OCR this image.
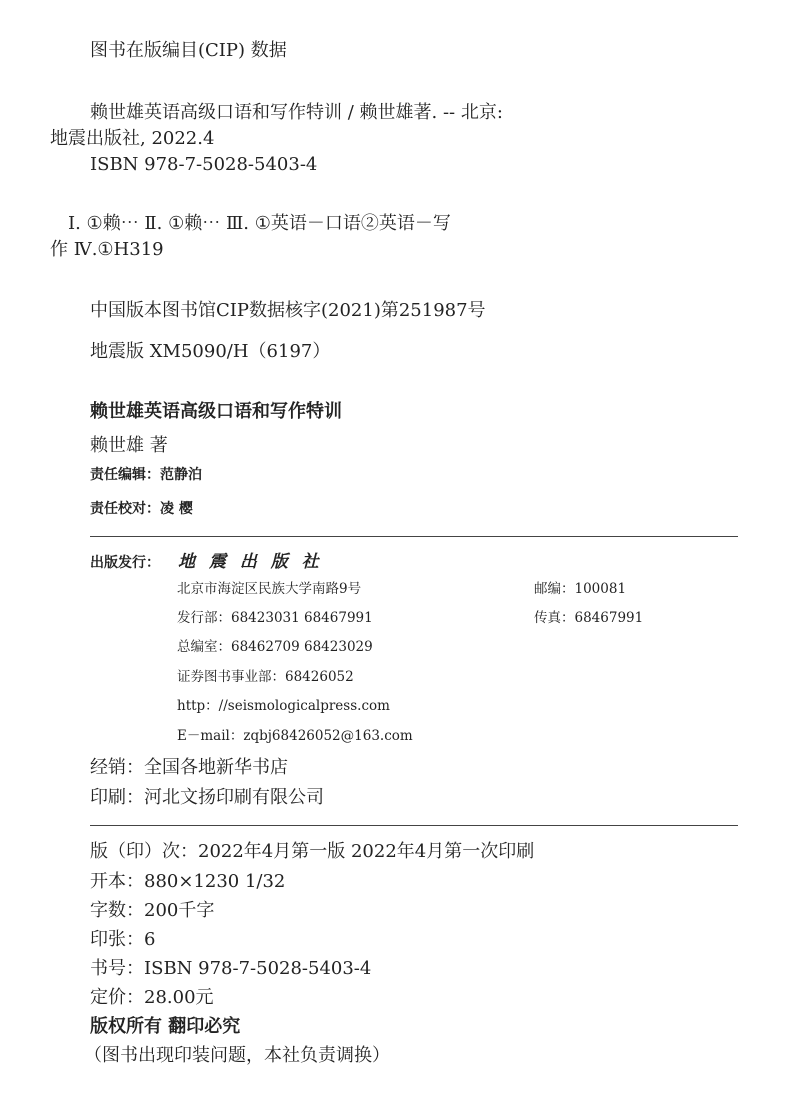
图书在版编目(CIP) 数据
赖世雄英语高级口语和写作特训 / 赖世雄著. -- 北京:
地震出版社, 2022.4
ISBN 978-7-5028-5403-4
Ⅰ. ①赖⋯ Ⅱ. ①赖⋯ Ⅲ. ①英语－口语②英语－写
作 Ⅳ.①H319
中国版本图书馆CIP数据核字(2021)第251987号
地震版 XM5090/H（6197）
赖世雄英语高级口语和写作特训
赖世雄 著
责任编辑：范静泊
责任校对：凌 樱
出版发行： 地 震 出 版 社
北京市海淀区民族大学南路9号	邮编：100081
发行部：68423031 68467991	传真：68467991
总编室：68462709 68423029
证券图书事业部：68426052
http：//seismologicalpress.com
E－mail：zqbj68426052@163.com
经销：全国各地新华书店
印刷：河北文扬印刷有限公司
版（印）次：2022年4月第一版 2022年4月第一次印刷
开本：880×1230 1/32
字数：200千字
印张：6
书号：ISBN 978-7-5028-5403-4
定价：28.00元
版权所有 翻印必究
（图书出现印装问题，本社负责调换）
